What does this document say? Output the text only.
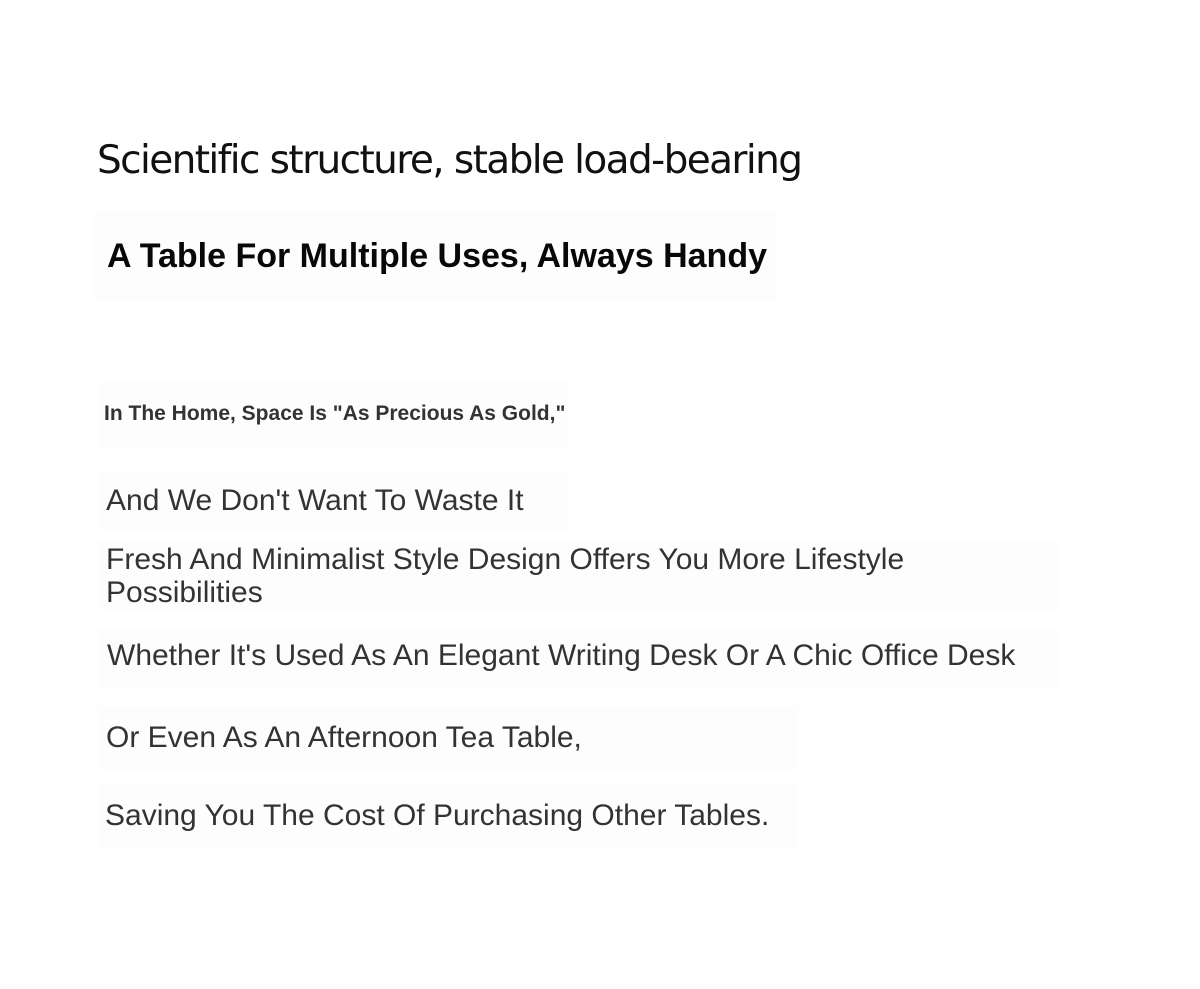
Scientific structure, stable load-bearing
A Table For Multiple Uses, Always Handy
In The Home, Space Is "As Precious As Gold,"
And We Don't Want To Waste It
Fresh And Minimalist Style Design Offers You More Lifestyle Possibilities
Whether It's Used As An Elegant Writing Desk Or A Chic Office Desk
Or Even As An Afternoon Tea Table,
Saving You The Cost Of Purchasing Other Tables.
